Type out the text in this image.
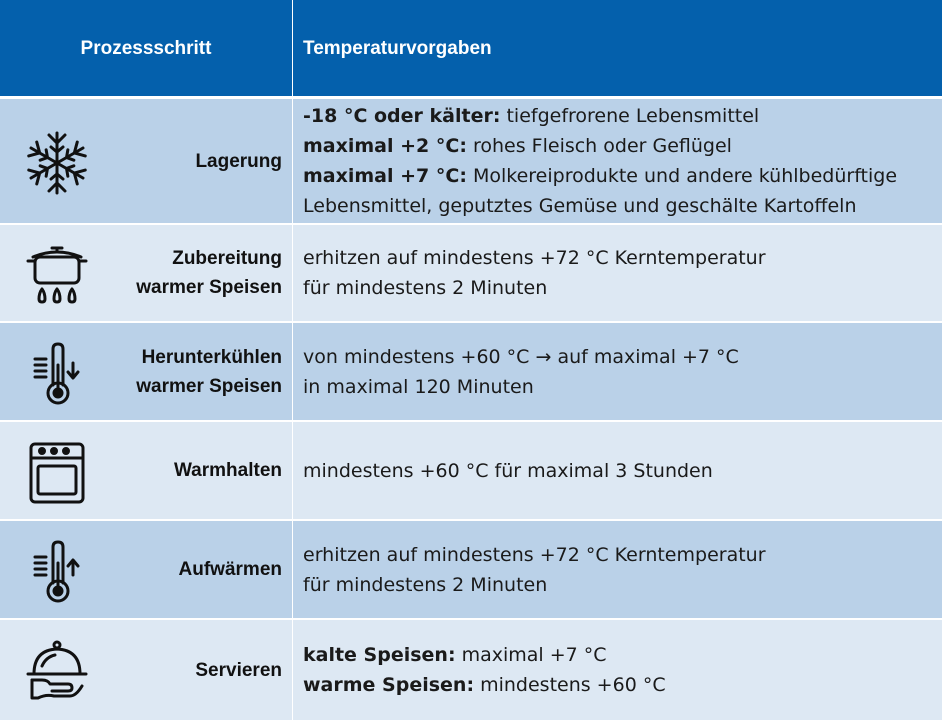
Prozessschritt	Temperaturvorgaben
Lagerung
-18 °C oder kälter: tiefgefrorene Lebensmittel
maximal +2 °C: rohes Fleisch oder Geflügel
maximal +7 °C: Molkereiprodukte und andere kühlbedürftige
Lebensmittel, geputztes Gemüse und geschälte Kartoffeln
Zubereitung
warmer Speisen
erhitzen auf mindestens +72 °C Kerntemperatur
für mindestens 2 Minuten
Herunterkühlen
warmer Speisen
von mindestens +60 °C → auf maximal +7 °C
in maximal 120 Minuten
Warmhalten mindestens +60 °C für maximal 3 Stunden
Aufwärmen
erhitzen auf mindestens +72 °C Kerntemperatur
für mindestens 2 Minuten
Servieren
kalte Speisen: maximal +7 °C
warme Speisen: mindestens +60 °C
